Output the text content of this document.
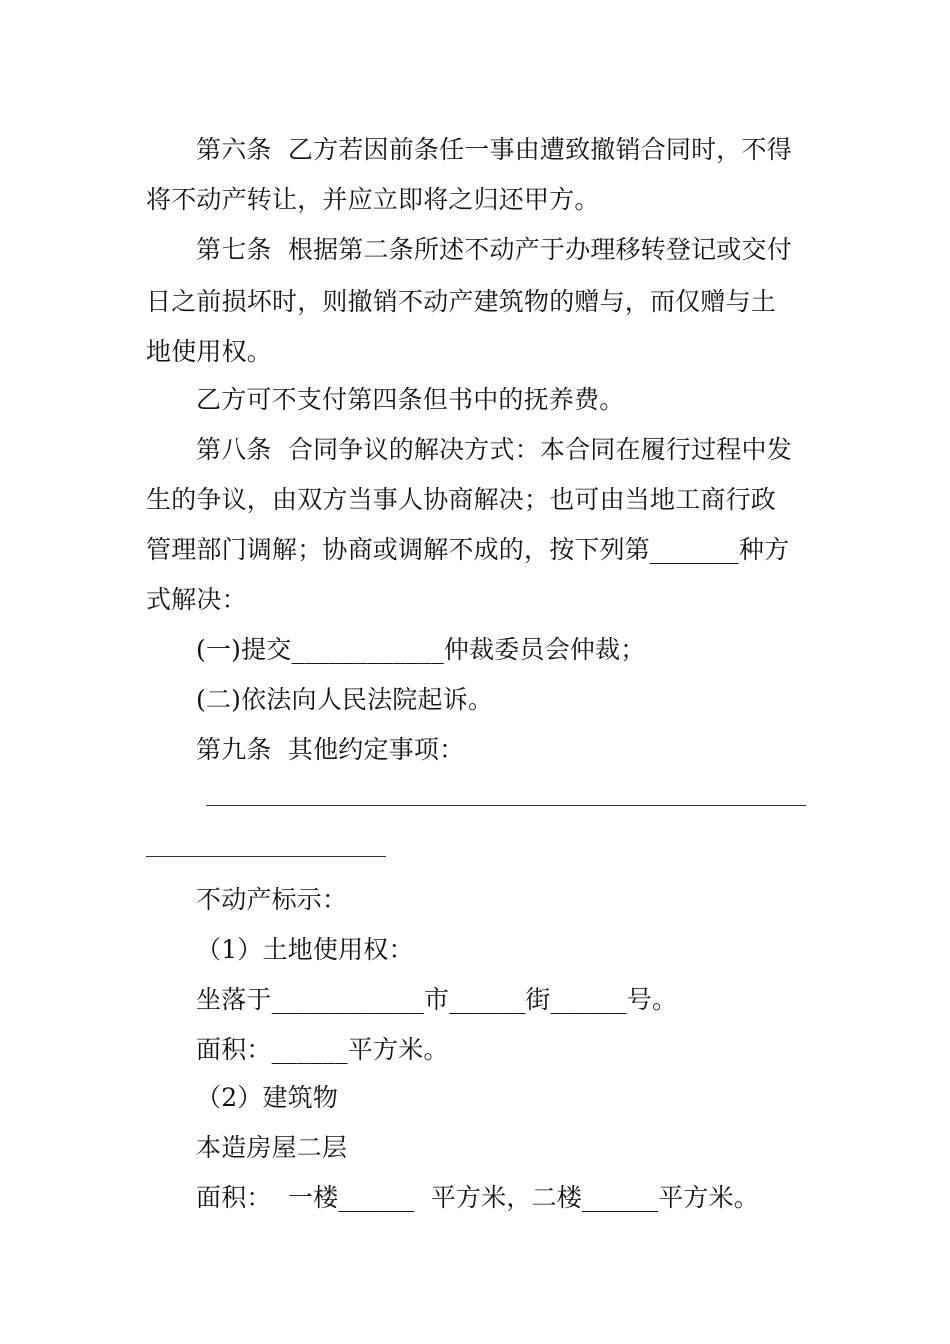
第六条  乙方若因前条任一事由遭致撤销合同时，不得
将不动产转让，并应立即将之归还甲方。
第七条  根据第二条所述不动产于办理移转登记或交付
日之前损坏时，则撤销不动产建筑物的赠与，而仅赠与土
地使用权。
乙方可不支付第四条但书中的抚养费。
第八条  合同争议的解决方式：本合同在履行过程中发
生的争议，由双方当事人协商解决；也可由当地工商行政
管理部门调解；协商或调解不成的，按下列第_______种方
式解决：
(一)提交____________仲裁委员会仲裁；
(二)依法向人民法院起诉。
第九条  其他约定事项：
不动产标示：
（1）土地使用权：
坐落于____________市______街______号。
面积：______平方米。
（2）建筑物
本造房屋二层
面积：  一楼______  平方米，二楼______平方米。
